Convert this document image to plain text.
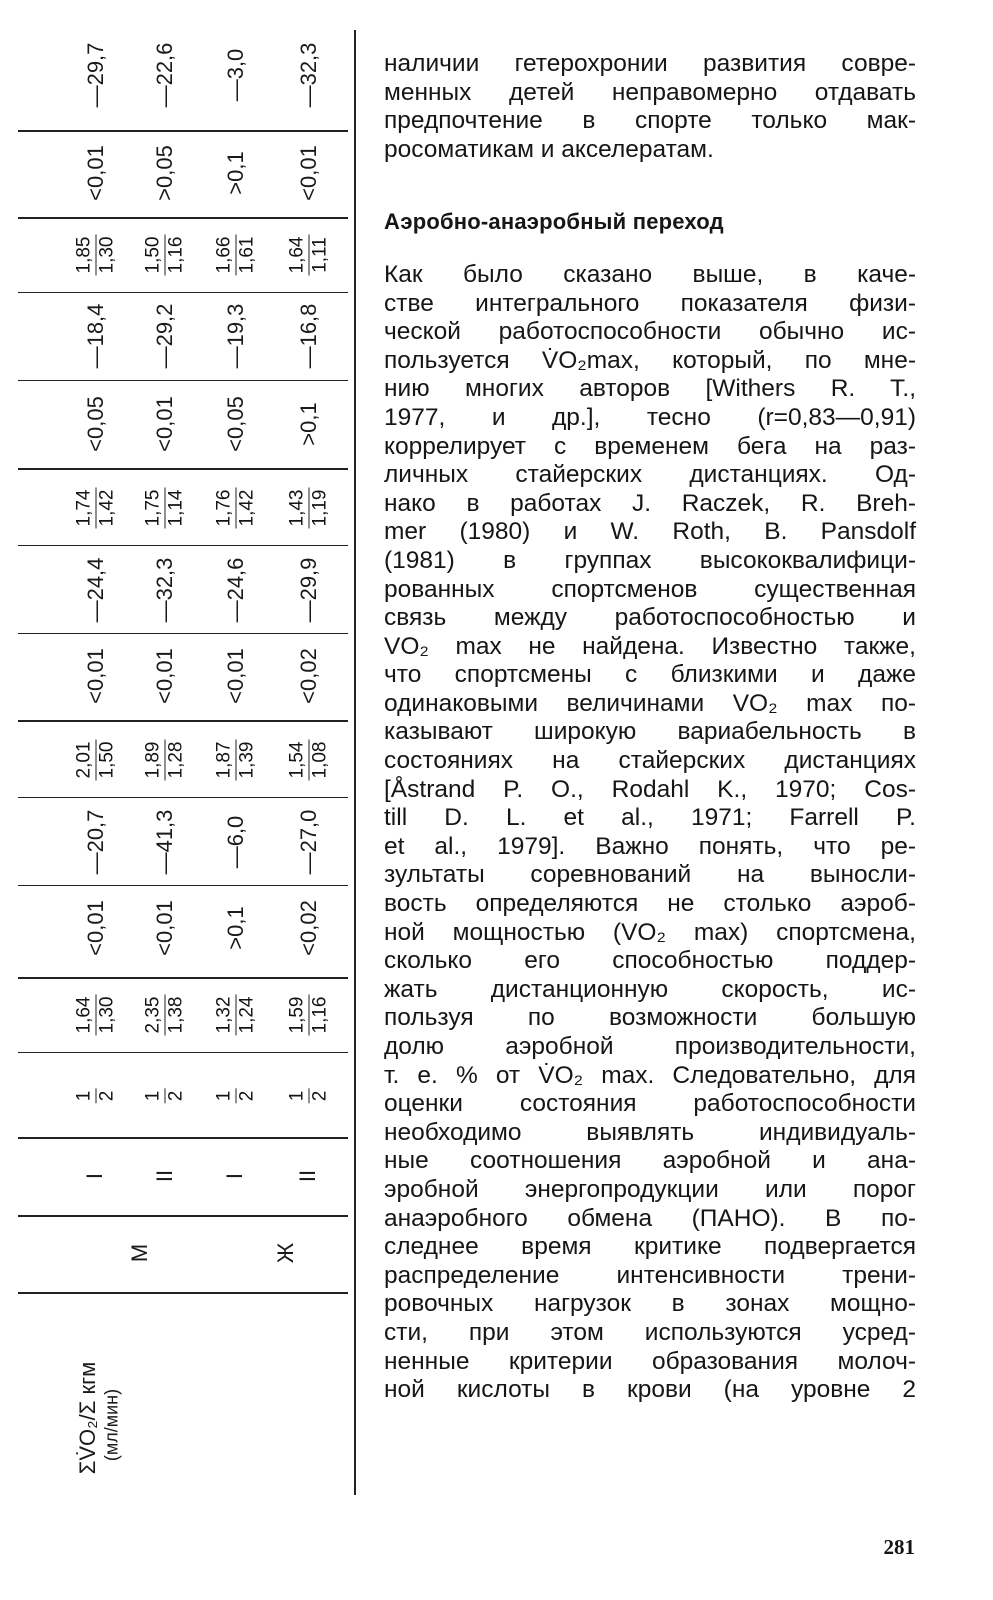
ΣV̇O₂/Σ кгм (мл/мин)
М	Ж
I II I II
1 2 1 2 1 2 1 2
1,64 1,30
<0,01
—20,7
2,01 1,50
<0,01
—24,4
1,74 1,42
<0,05
—18,4
1,85 1,30
<0,01
—29,7
2,35 1,38
<0,01
—41,3
1,89 1,28
<0,01
—32,3
1,75 1,14
<0,01
—29,2
1,50 1,16
>0,05
—22,6
1,32 1,24
>0,1
—6,0
1,87 1,39
<0,01
—24,6
1,76 1,42
<0,05
—19,3
1,66 1,61
>0,1
—3,0
1,59 1,16
<0,02
—27,0
1,54 1,08
<0,02
—29,9
1,43 1,19
>0,1
—16,8
1,64 1,11
<0,01
—32,3	наличии гетерохронии развития совре-
менных детей неправомерно отдавать
предпочтение в спорте только мак-
росоматикам и акселератам.

Аэробно-анаэробный переход

Как было сказано выше, в каче-
стве интегрального показателя физи-
ческой работоспособности обычно ис-
пользуется V̇O₂max, который, по мне-
нию многих авторов [Withers R. T.,
1977, и др.], тесно (r=0,83—0,91)
коррелирует с временем бега на раз-
личных стайерских дистанциях. Од-
нако в работах J. Raczek, R. Breh-
mer (1980) и W. Roth, B. Pansdolf
(1981) в группах высококвалифици-
рованных спортсменов существенная
связь между работоспособностью и
VO₂ max не найдена. Известно также,
что спортсмены с близкими и даже
одинаковыми величинами VO₂ max по-
казывают широкую вариабельность в
состояниях на стайерских дистанциях
[Åstrand P. O., Rodahl K., 1970; Cos-
till D. L. et al., 1971; Farrell P.
et al., 1979]. Важно понять, что ре-
зультаты соревнований на выносли-
вость определяются не столько аэроб-
ной мощностью (VO₂ max) спортсмена,
сколько его способностью поддер-
жать дистанционную скорость, ис-
пользуя по возможности большую
долю аэробной производительности,
т. е. % от V̇O₂ max. Следовательно, для
оценки состояния работоспособности
необходимо выявлять индивидуаль-
ные соотношения аэробной и ана-
эробной энергопродукции или порог
анаэробного обмена (ПАНО). В по-
следнее время критике подвергается
распределение интенсивности трени-
ровочных нагрузок в зонах мощно-
сти, при этом используются усред-
ненные критерии образования молоч-
ной кислоты в крови (на уровне 2

281
